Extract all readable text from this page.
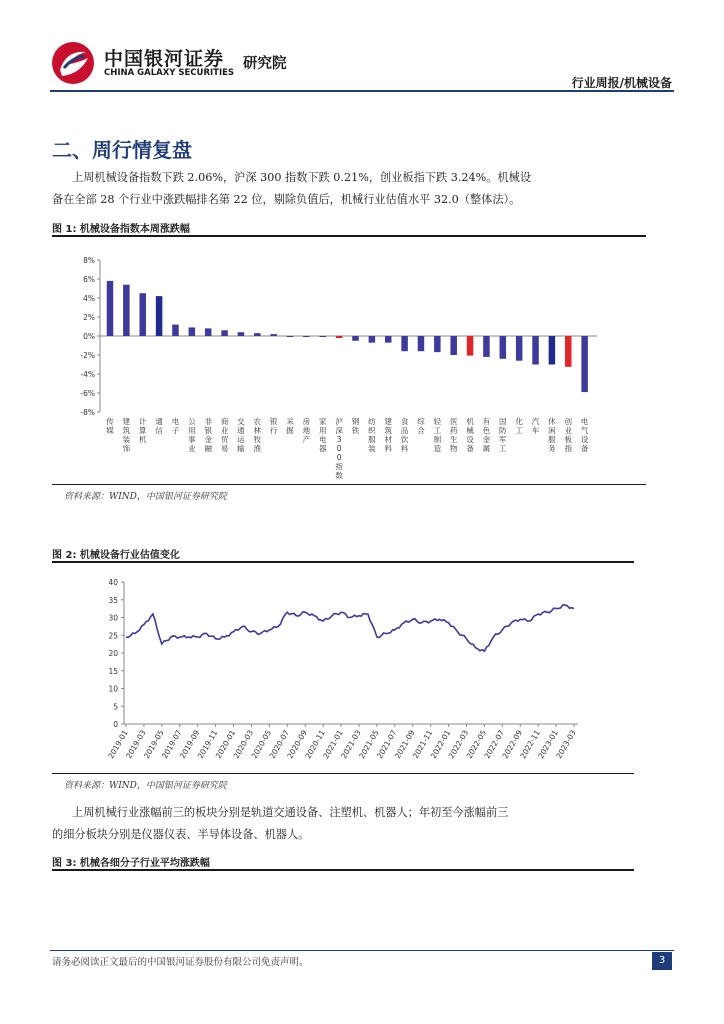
中国银河证券
CHINA GALAXY SECURITIES
研究院
行业周报/机械设备
二、周行情复盘
上周机械设备指数下跌 2.06%，沪深 300 指数下跌 0.21%，创业板指下跌 3.24%。机械设
备在全部 28 个行业中涨跌幅排名第 22 位，剔除负值后，机械行业估值水平 32.0（整体法）。
图 1: 机械设备指数本周涨跌幅
8%
6%
4%
2%
0%
-2%
-4%
-6%
-8%
传媒
建筑装饰
计算机
通信
电子
公用事业
非银金融
商业贸易
交通运输
农林牧渔
银行
采掘
房地产
家用电器
沪深 3 0 0 指数
钢铁
纺织服装
建筑材料
食品饮料
综合
轻工制造
医药生物
机械设备
有色金属
国防军工
化工
汽车
休闲服务
创业板指
电气设备
资料来源：WIND，中国银河证券研究院
图 2: 机械设备行业估值变化
0
5
10
15
20
25
30
35
40
2019-01
2019-03
2019-05
2019-07
2019-09
2019-11
2020-01
2020-03
2020-05
2020-07
2020-09
2020-11
2021-01
2021-03
2021-05
2021-07
2021-09
2021-11
2022-01
2022-03
2022-05
2022-07
2022-09
2022-11
2023-01
2023-03
资料来源：WIND，中国银河证券研究院
上周机械行业涨幅前三的板块分别是轨道交通设备、注塑机、机器人；年初至今涨幅前三
的细分板块分别是仪器仪表、半导体设备、机器人。
图 3: 机械各细分子行业平均涨跌幅
请务必阅读正文最后的中国银河证券股份有限公司免责声明。	3
